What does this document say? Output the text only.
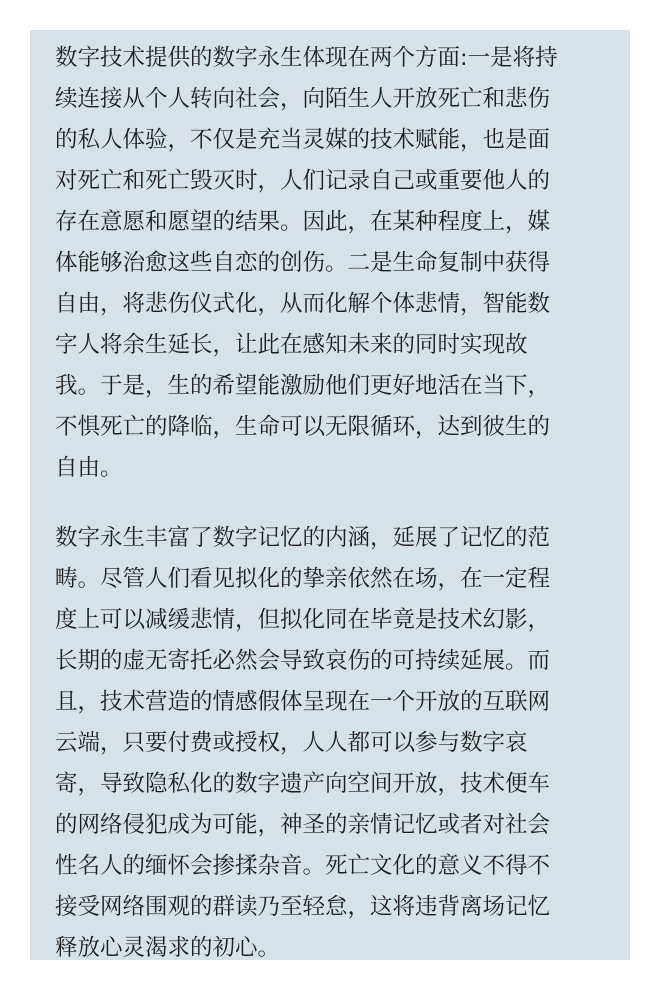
数字技术提供的数字永生体现在两个方面:一是将持
续连接从个人转向社会，向陌生人开放死亡和悲伤
的私人体验，不仅是充当灵媒的技术赋能，也是面
对死亡和死亡毁灭时，人们记录自己或重要他人的
存在意愿和愿望的结果。因此，在某种程度上，媒
体能够治愈这些自恋的创伤。二是生命复制中获得
自由，将悲伤仪式化，从而化解个体悲情，智能数
字人将余生延长，让此在感知未来的同时实现故
我。于是，生的希望能激励他们更好地活在当下，
不惧死亡的降临，生命可以无限循环，达到彼生的
自由。
数字永生丰富了数字记忆的内涵，延展了记忆的范
畴。尽管人们看见拟化的挚亲依然在场，在一定程
度上可以减缓悲情，但拟化同在毕竟是技术幻影，
长期的虚无寄托必然会导致哀伤的可持续延展。而
且，技术营造的情感假体呈现在一个开放的互联网
云端，只要付费或授权，人人都可以参与数字哀
寄，导致隐私化的数字遗产向空间开放，技术便车
的网络侵犯成为可能，神圣的亲情记忆或者对社会
性名人的缅怀会掺揉杂音。死亡文化的意义不得不
接受网络围观的群读乃至轻怠，这将违背离场记忆
释放心灵渴求的初心。
